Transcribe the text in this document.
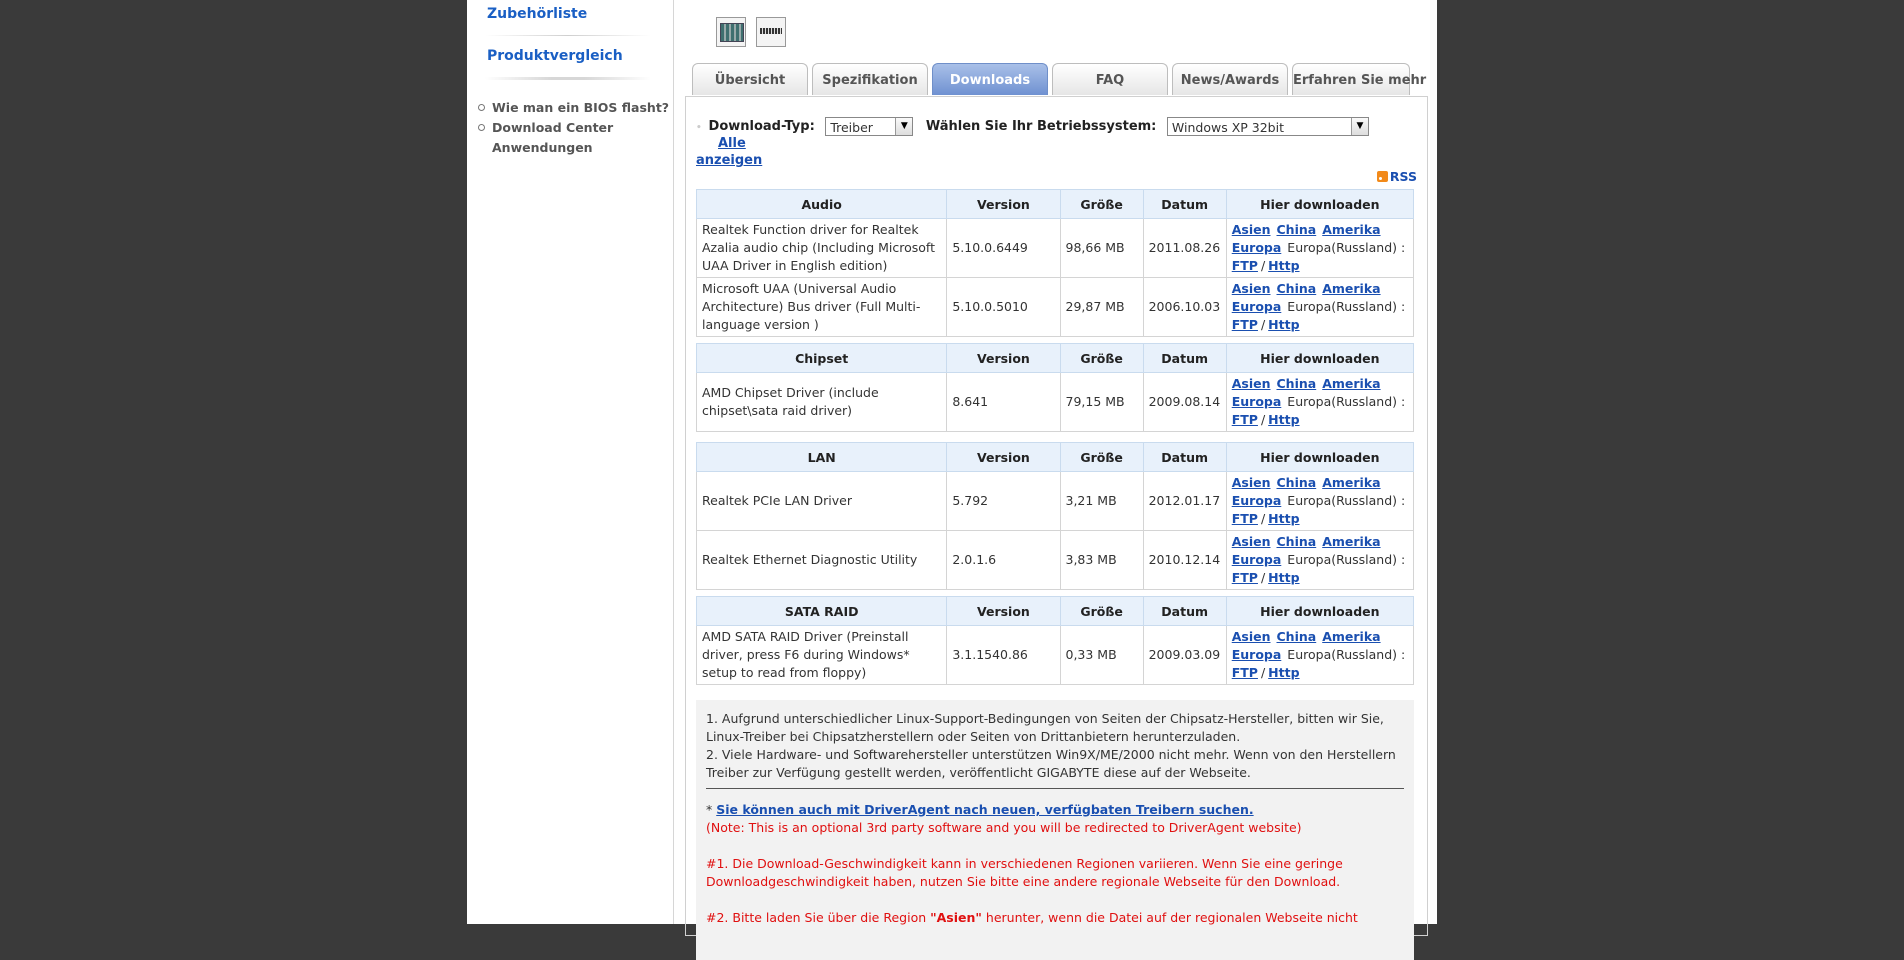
Zubehörliste
Produktvergleich
Wie man ein BIOS flasht?
Download Center
Anwendungen

Übersicht	Spezifikation	Downloads	FAQ	News/Awards	Erfahren Sie mehr
• Download-Typ: Treiber	▼	Wählen Sie Ihr Betriebssystem: Windows XP 32bit	▼
Alle
anzeigen
RSS
Audio	Version	Größe	Datum	Hier downloaden
Realtek Function driver for Realtek Azalia audio chip (Including Microsoft UAA Driver in English edition)	5.10.0.6449	98,66 MB	2011.08.26	Asien China Amerika
Europa Europa(Russland) :
FTP / Http
Microsoft UAA (Universal Audio Architecture) Bus driver (Full Multi-language version )	5.10.0.5010	29,87 MB	2006.10.03	Asien China Amerika
Europa Europa(Russland) :
FTP / Http
Chipset	Version	Größe	Datum	Hier downloaden
AMD Chipset Driver (include chipset\sata raid driver)	8.641	79,15 MB	2009.08.14	Asien China Amerika
Europa Europa(Russland) :
FTP / Http
LAN	Version	Größe	Datum	Hier downloaden
Realtek PCIe LAN Driver	5.792	3,21 MB	2012.01.17	Asien China Amerika
Europa Europa(Russland) :
FTP / Http
Realtek Ethernet Diagnostic Utility	2.0.1.6	3,83 MB	2010.12.14	Asien China Amerika
Europa Europa(Russland) :
FTP / Http
SATA RAID	Version	Größe	Datum	Hier downloaden
AMD SATA RAID Driver (Preinstall driver, press F6 during Windows* setup to read from floppy)	3.1.1540.86	0,33 MB	2009.03.09	Asien China Amerika
Europa Europa(Russland) :
FTP / Http
1. Aufgrund unterschiedlicher Linux-Support-Bedingungen von Seiten der Chipsatz-Hersteller, bitten wir Sie, Linux-Treiber bei Chipsatzherstellern oder Seiten von Drittanbietern herunterzuladen.
2. Viele Hardware- und Softwarehersteller unterstützen Win9X/ME/2000 nicht mehr. Wenn von den Herstellern Treiber zur Verfügung gestellt werden, veröffentlicht GIGABYTE diese auf der Webseite.
* Sie können auch mit DriverAgent nach neuen, verfügbaten Treibern suchen.
(Note: This is an optional 3rd party software and you will be redirected to DriverAgent website)
#1. Die Download-Geschwindigkeit kann in verschiedenen Regionen variieren. Wenn Sie eine geringe Downloadgeschwindigkeit haben, nutzen Sie bitte eine andere regionale Webseite für den Download.
#2. Bitte laden Sie über die Region "Asien" herunter, wenn die Datei auf der regionalen Webseite nicht
